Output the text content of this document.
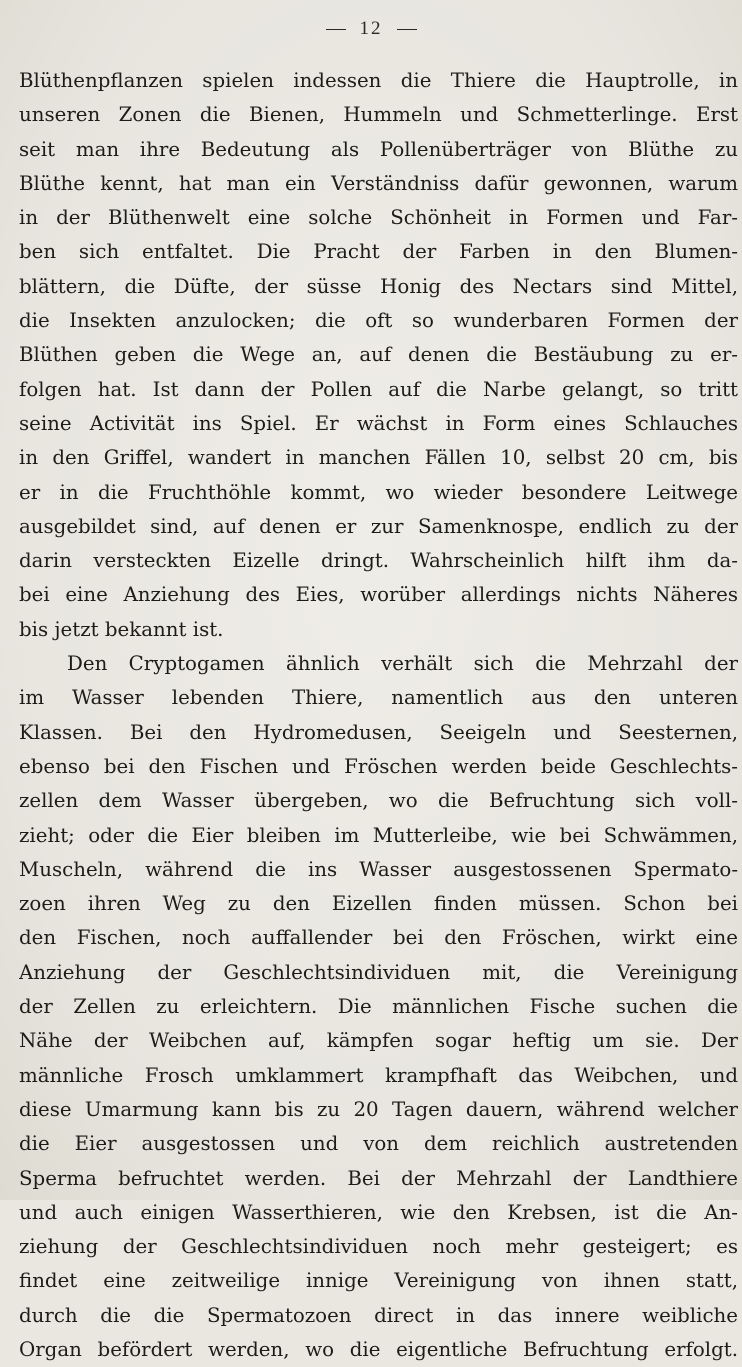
12
Blüthenpflanzen spielen indessen die Thiere die Hauptrolle, in
unseren Zonen die Bienen, Hummeln und Schmetterlinge. Erst
seit man ihre Bedeutung als Pollenüberträger von Blüthe zu
Blüthe kennt, hat man ein Verständniss dafür gewonnen, warum
in der Blüthenwelt eine solche Schönheit in Formen und Far-
ben sich entfaltet. Die Pracht der Farben in den Blumen-
blättern, die Düfte, der süsse Honig des Nectars sind Mittel,
die Insekten anzulocken; die oft so wunderbaren Formen der
Blüthen geben die Wege an, auf denen die Bestäubung zu er-
folgen hat. Ist dann der Pollen auf die Narbe gelangt, so tritt
seine Activität ins Spiel. Er wächst in Form eines Schlauches
in den Griffel, wandert in manchen Fällen 10, selbst 20 cm, bis
er in die Fruchthöhle kommt, wo wieder besondere Leitwege
ausgebildet sind, auf denen er zur Samenknospe, endlich zu der
darin versteckten Eizelle dringt. Wahrscheinlich hilft ihm da-
bei eine Anziehung des Eies, worüber allerdings nichts Näheres
bis jetzt bekannt ist.
Den Cryptogamen ähnlich verhält sich die Mehrzahl der
im Wasser lebenden Thiere, namentlich aus den unteren
Klassen. Bei den Hydromedusen, Seeigeln und Seesternen,
ebenso bei den Fischen und Fröschen werden beide Geschlechts-
zellen dem Wasser übergeben, wo die Befruchtung sich voll-
zieht; oder die Eier bleiben im Mutterleibe, wie bei Schwämmen,
Muscheln, während die ins Wasser ausgestossenen Spermato-
zoen ihren Weg zu den Eizellen finden müssen. Schon bei
den Fischen, noch auffallender bei den Fröschen, wirkt eine
Anziehung der Geschlechtsindividuen mit, die Vereinigung
der Zellen zu erleichtern. Die männlichen Fische suchen die
Nähe der Weibchen auf, kämpfen sogar heftig um sie. Der
männliche Frosch umklammert krampfhaft das Weibchen, und
diese Umarmung kann bis zu 20 Tagen dauern, während welcher
die Eier ausgestossen und von dem reichlich austretenden
Sperma befruchtet werden. Bei der Mehrzahl der Landthiere
und auch einigen Wasserthieren, wie den Krebsen, ist die An-
ziehung der Geschlechtsindividuen noch mehr gesteigert; es
findet eine zeitweilige innige Vereinigung von ihnen statt,
durch die die Spermatozoen direct in das innere weibliche
Organ befördert werden, wo die eigentliche Befruchtung erfolgt.
